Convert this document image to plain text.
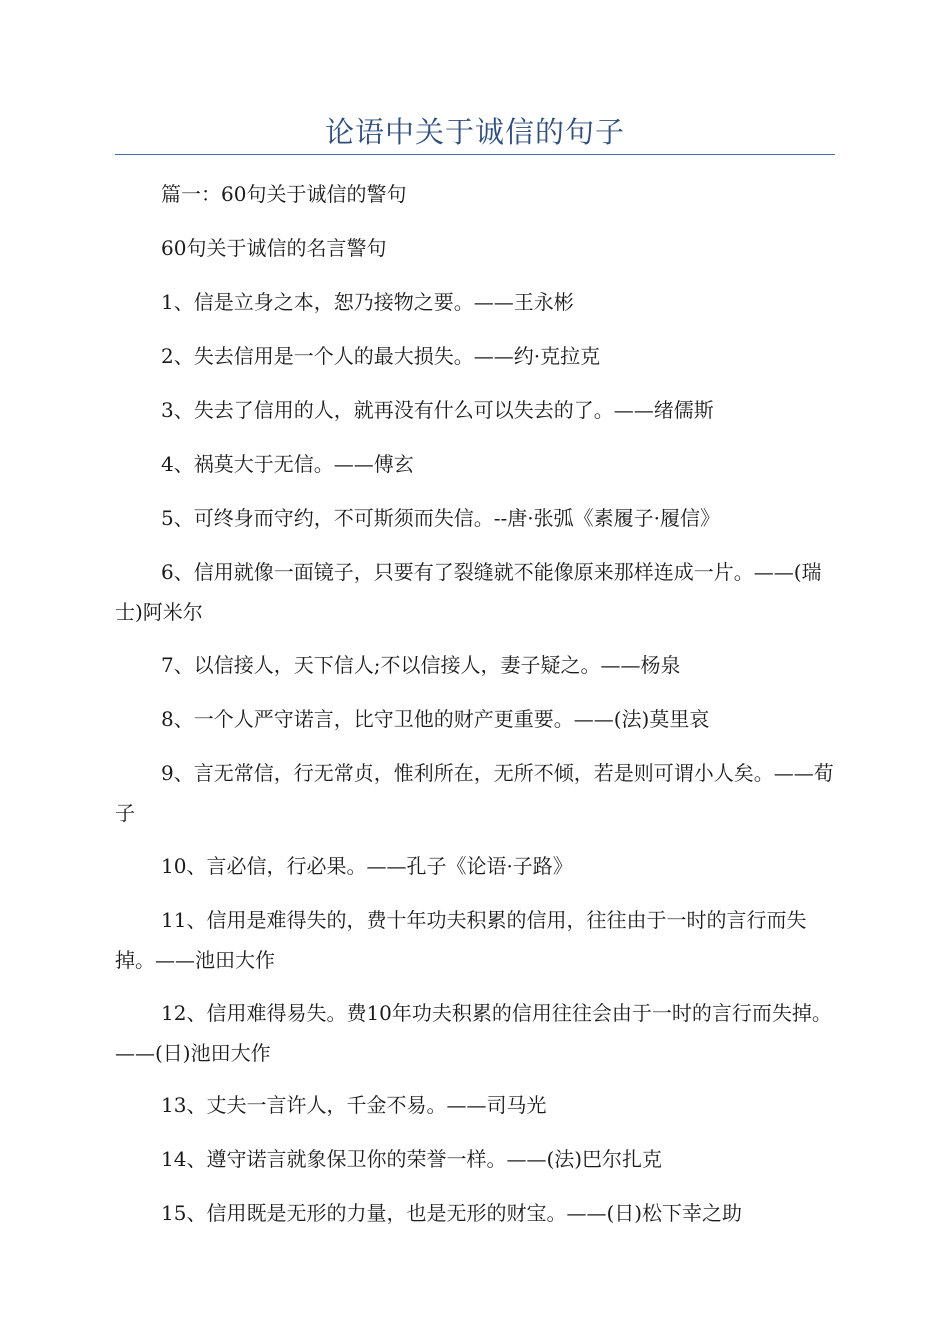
论语中关于诚信的句子

篇一：60句关于诚信的警句

60句关于诚信的名言警句

1、信是立身之本，恕乃接物之要。——王永彬

2、失去信用是一个人的最大损失。——约·克拉克

3、失去了信用的人，就再没有什么可以失去的了。——绪儒斯

4、祸莫大于无信。——傅玄

5、可终身而守约，不可斯须而失信。--唐·张弧《素履子·履信》

6、信用就像一面镜子，只要有了裂缝就不能像原来那样连成一片。——(瑞士)阿米尔

7、以信接人，天下信人;不以信接人，妻子疑之。——杨泉

8、一个人严守诺言，比守卫他的财产更重要。——(法)莫里哀

9、言无常信，行无常贞，惟利所在，无所不倾，若是则可谓小人矣。——荀子

10、言必信，行必果。——孔子《论语·子路》

11、信用是难得失的，费十年功夫积累的信用，往往由于一时的言行而失掉。——池田大作

12、信用难得易失。费10年功夫积累的信用往往会由于一时的言行而失掉。——(日)池田大作

13、丈夫一言许人，千金不易。——司马光

14、遵守诺言就象保卫你的荣誉一样。——(法)巴尔扎克

15、信用既是无形的力量，也是无形的财宝。——(日)松下幸之助
